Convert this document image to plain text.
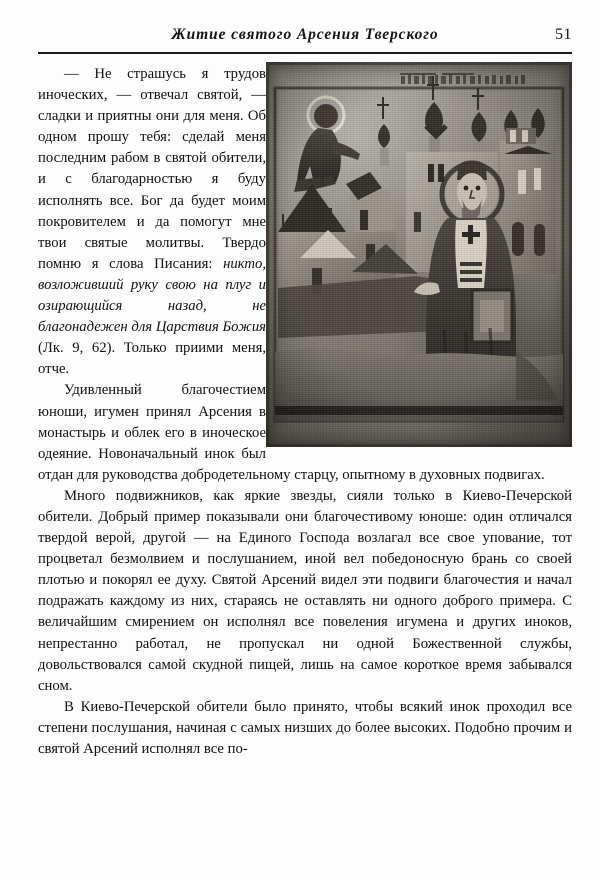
Житие святого Арсения Тверского	51

— Не страшусь я трудов иноческих, — отвечал святой, — сладки и приятны они для меня. Об одном прошу тебя: сделай меня последним рабом в святой обители, и с благодарностью я буду исполнять все. Бог да будет моим покровителем и да помогут мне твои святые молитвы. Твердо помню я слова Писания: никто, возложивший руку свою на плуг и озирающийся назад, не благонадежен для Царствия Божия (Лк. 9, 62). Только приими меня, отче.

Удивленный благочестием юноши, игумен принял Арсения в монастырь и облек его в иноческое одеяние. Новоначальный инок был отдан для руководства добродетельному старцу, опытному в духовных подвигах.

Много подвижников, как яркие звезды, сияли только в Киево-Печерской обители. Добрый пример показывали они благочестивому юноше: один отличался твердой верой, другой — на Единого Господа возлагал все свое упование, тот процветал безмолвием и послушанием, иной вел победоносную брань со своей плотью и покорял ее духу. Святой Арсений видел эти подвиги благочестия и начал подражать каждому из них, стараясь не оставлять ни одного доброго примера. С величайшим смирением он исполнял все повеления игумена и других иноков, непрестанно работал, не пропускал ни одной Божественной службы, довольствовался самой скудной пищей, лишь на самое короткое время забывался сном.

В Киево-Печерской обители было принято, чтобы всякий инок проходил все степени послушания, начиная с самых низших до более высоких. Подобно прочим и святой Арсений исполнял все по-
